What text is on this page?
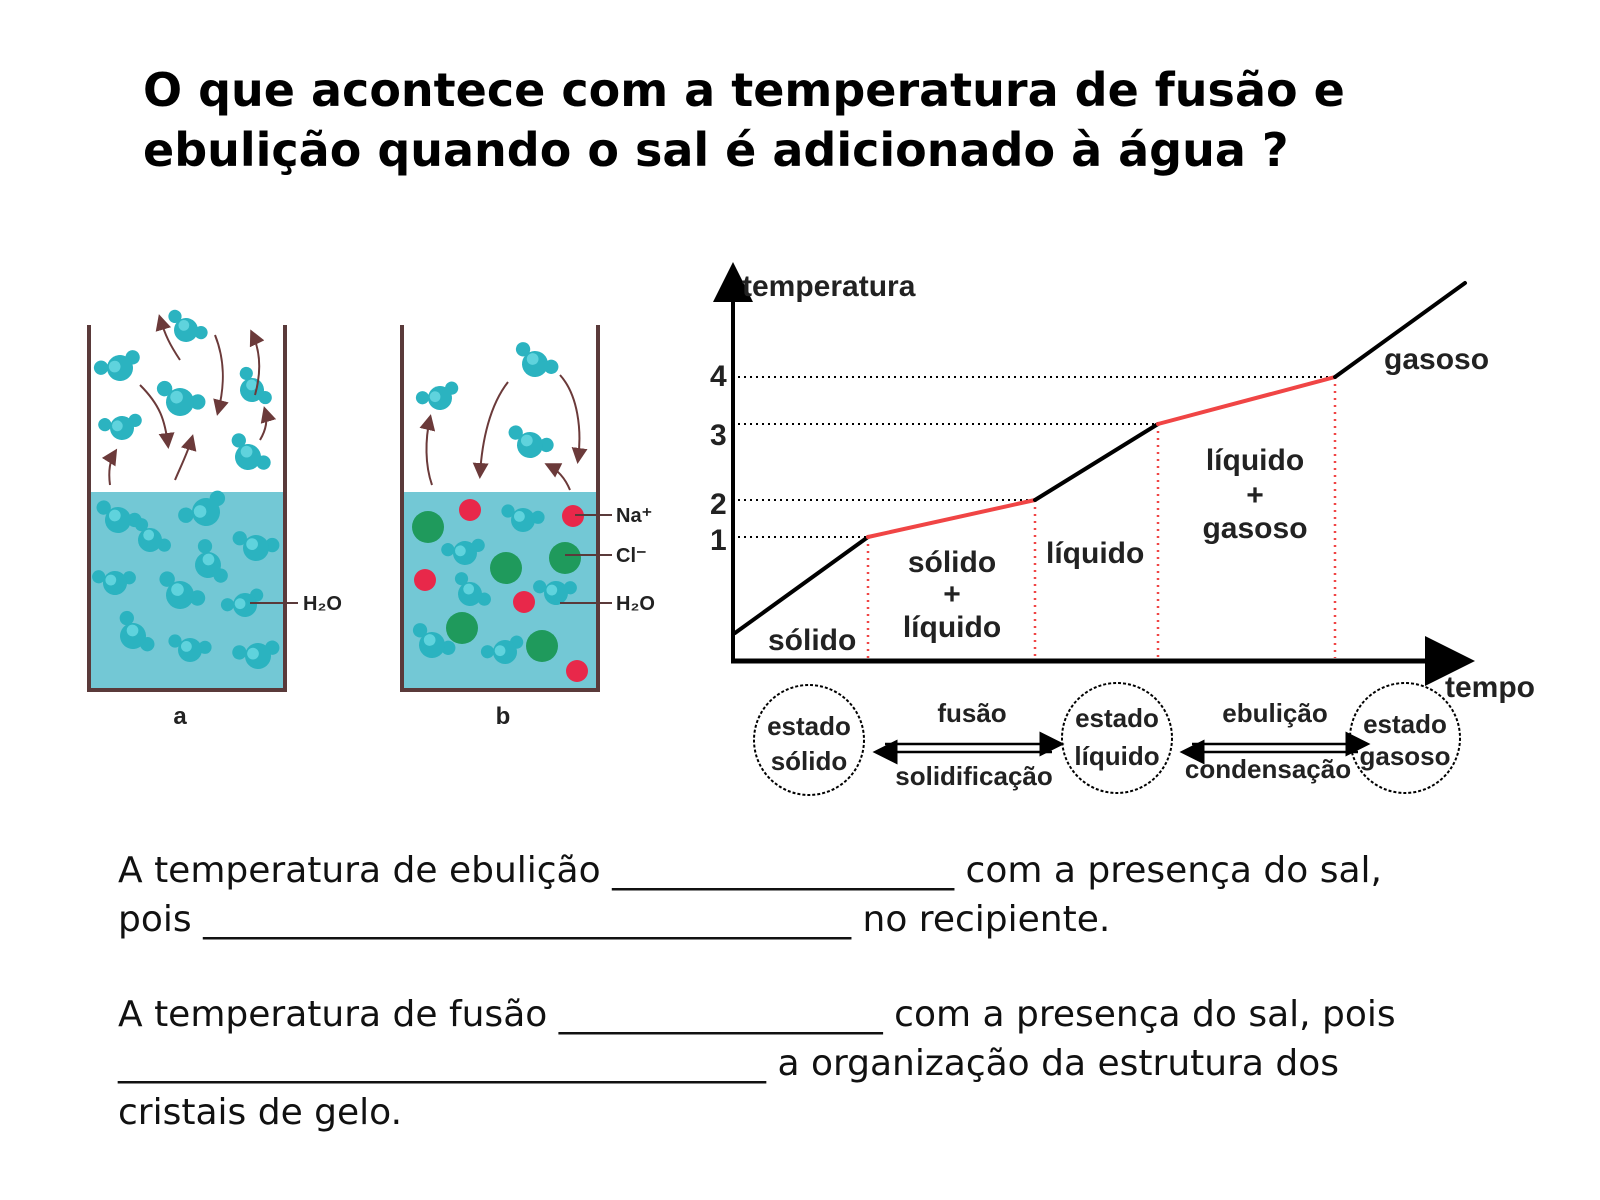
O que acontece com a temperatura de fusão e
ebulição quando o sal é adicionado à água ?
H₂O
a
Na⁺
Cl⁻
H₂O
b
temperatura
tempo
1
2
3
4
sólido
sólido
+
líquido
líquido
líquido
+
gasoso
gasoso
estado
sólido
estado
líquido
estado
gasoso
fusão
solidificação
ebulição
condensação
A temperatura de ebulição ___________________ com a presença do sal,
pois ____________________________________ no recipiente.
A temperatura de fusão __________________ com a presença do sal, pois
____________________________________ a organização da estrutura dos
cristais de gelo.
